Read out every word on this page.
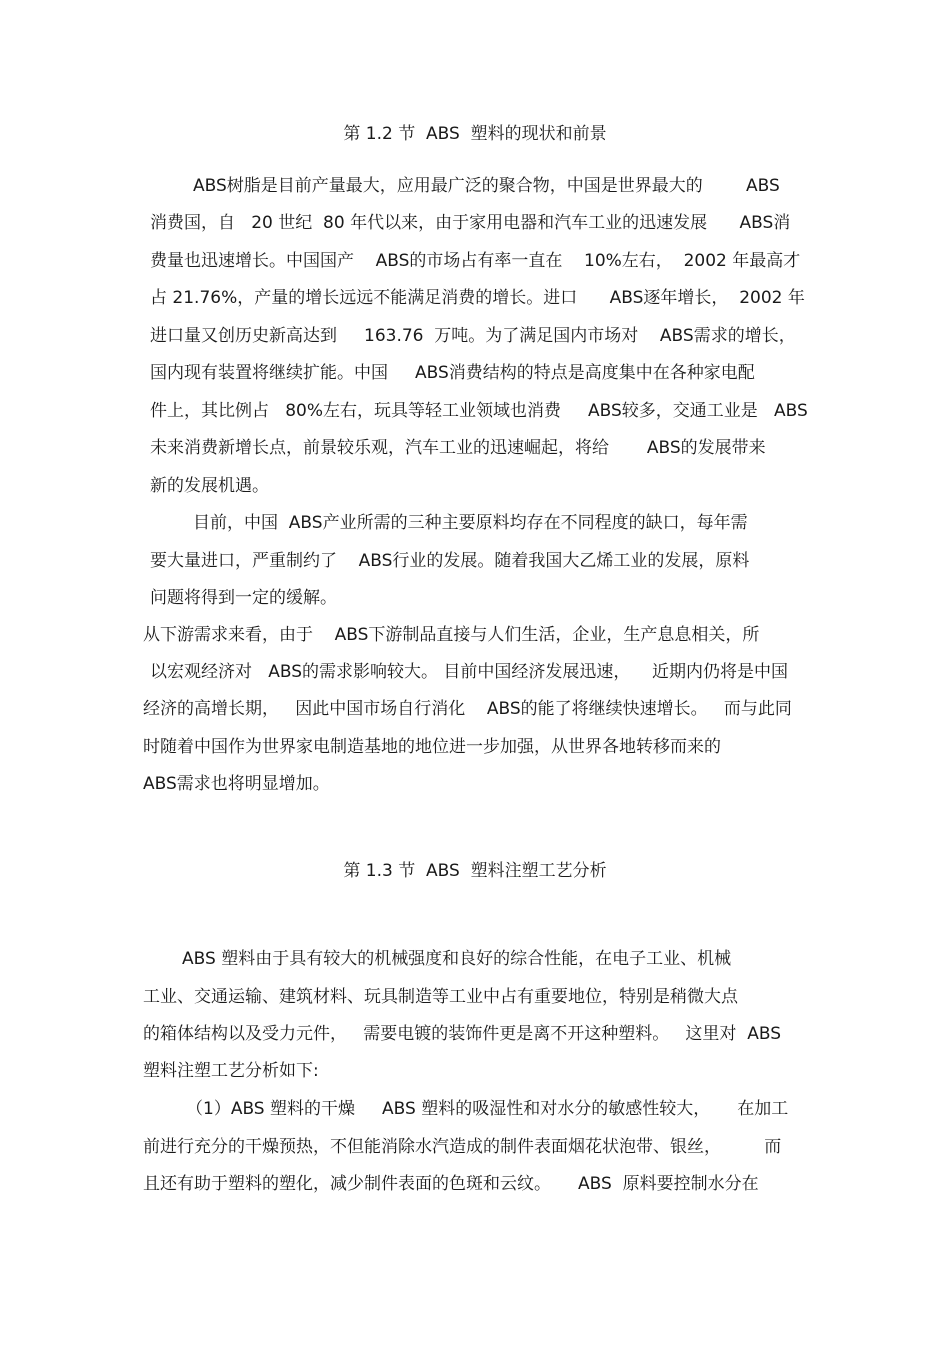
第 1.2 节  ABS  塑料的现状和前景
ABS树脂是目前产量最大，应用最广泛的聚合物，中国是世界最大的        ABS
消费国，自   20 世纪  80 年代以来，由于家用电器和汽车工业的迅速发展      ABS消
费量也迅速增长。中国国产    ABS的市场占有率一直在    10%左右，  2002 年最高才
占 21.76%，产量的增长远远不能满足消费的增长。进口      ABS逐年增长，  2002 年
进口量又创历史新高达到     163.76  万吨。为了满足国内市场对    ABS需求的增长，
国内现有装置将继续扩能。中国     ABS消费结构的特点是高度集中在各种家电配
件上，其比例占   80%左右，玩具等轻工业领域也消费     ABS较多，交通工业是   ABS
未来消费新增长点，前景较乐观，汽车工业的迅速崛起，将给       ABS的发展带来
新的发展机遇。
目前，中国  ABS产业所需的三种主要原料均存在不同程度的缺口，每年需
要大量进口，严重制约了    ABS行业的发展。随着我国大乙烯工业的发展，原料
问题将得到一定的缓解。
从下游需求来看，由于    ABS下游制品直接与人们生活，企业，生产息息相关，所
以宏观经济对   ABS的需求影响较大。 目前中国经济发展迅速，    近期内仍将是中国
经济的高增长期，   因此中国市场自行消化    ABS的能了将继续快速增长。   而与此同
时随着中国作为世界家电制造基地的地位进一步加强，从世界各地转移而来的
ABS需求也将明显增加。
第 1.3 节  ABS  塑料注塑工艺分析
ABS 塑料由于具有较大的机械强度和良好的综合性能，在电子工业、机械
工业、交通运输、建筑材料、玩具制造等工业中占有重要地位，特别是稍微大点
的箱体结构以及受力元件，   需要电镀的装饰件更是离不开这种塑料。   这里对  ABS
塑料注塑工艺分析如下:
（1）ABS 塑料的干燥     ABS 塑料的吸湿性和对水分的敏感性较大，     在加工
前进行充分的干燥预热，不但能消除水汽造成的制件表面烟花状泡带、银丝，        而
且还有助于塑料的塑化，减少制件表面的色斑和云纹。     ABS  原料要控制水分在
